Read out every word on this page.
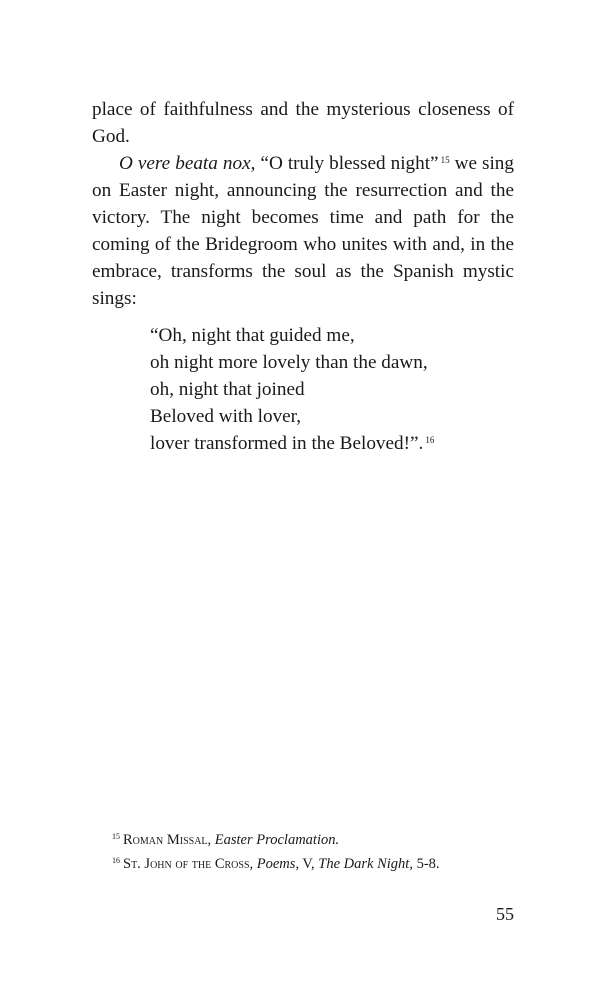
place of faithfulness and the mysterious closeness of God.

O vere beata nox, “O truly blessed night” $^{15}$ we sing on Easter night, announcing the resurrection and the victory. The night becomes time and path for the coming of the Bridegroom who unites with and, in the embrace, transforms the soul as the Spanish mystic sings:

“Oh, night that guided me,
oh night more lovely than the dawn,
oh, night that joined
Beloved with lover,
lover transformed in the Beloved!”. $^{16}$
$^{15}$ Roman Missal, Easter Proclamation.
$^{16}$ St. John of the Cross, Poems, V, The Dark Night, 5-8.
55
